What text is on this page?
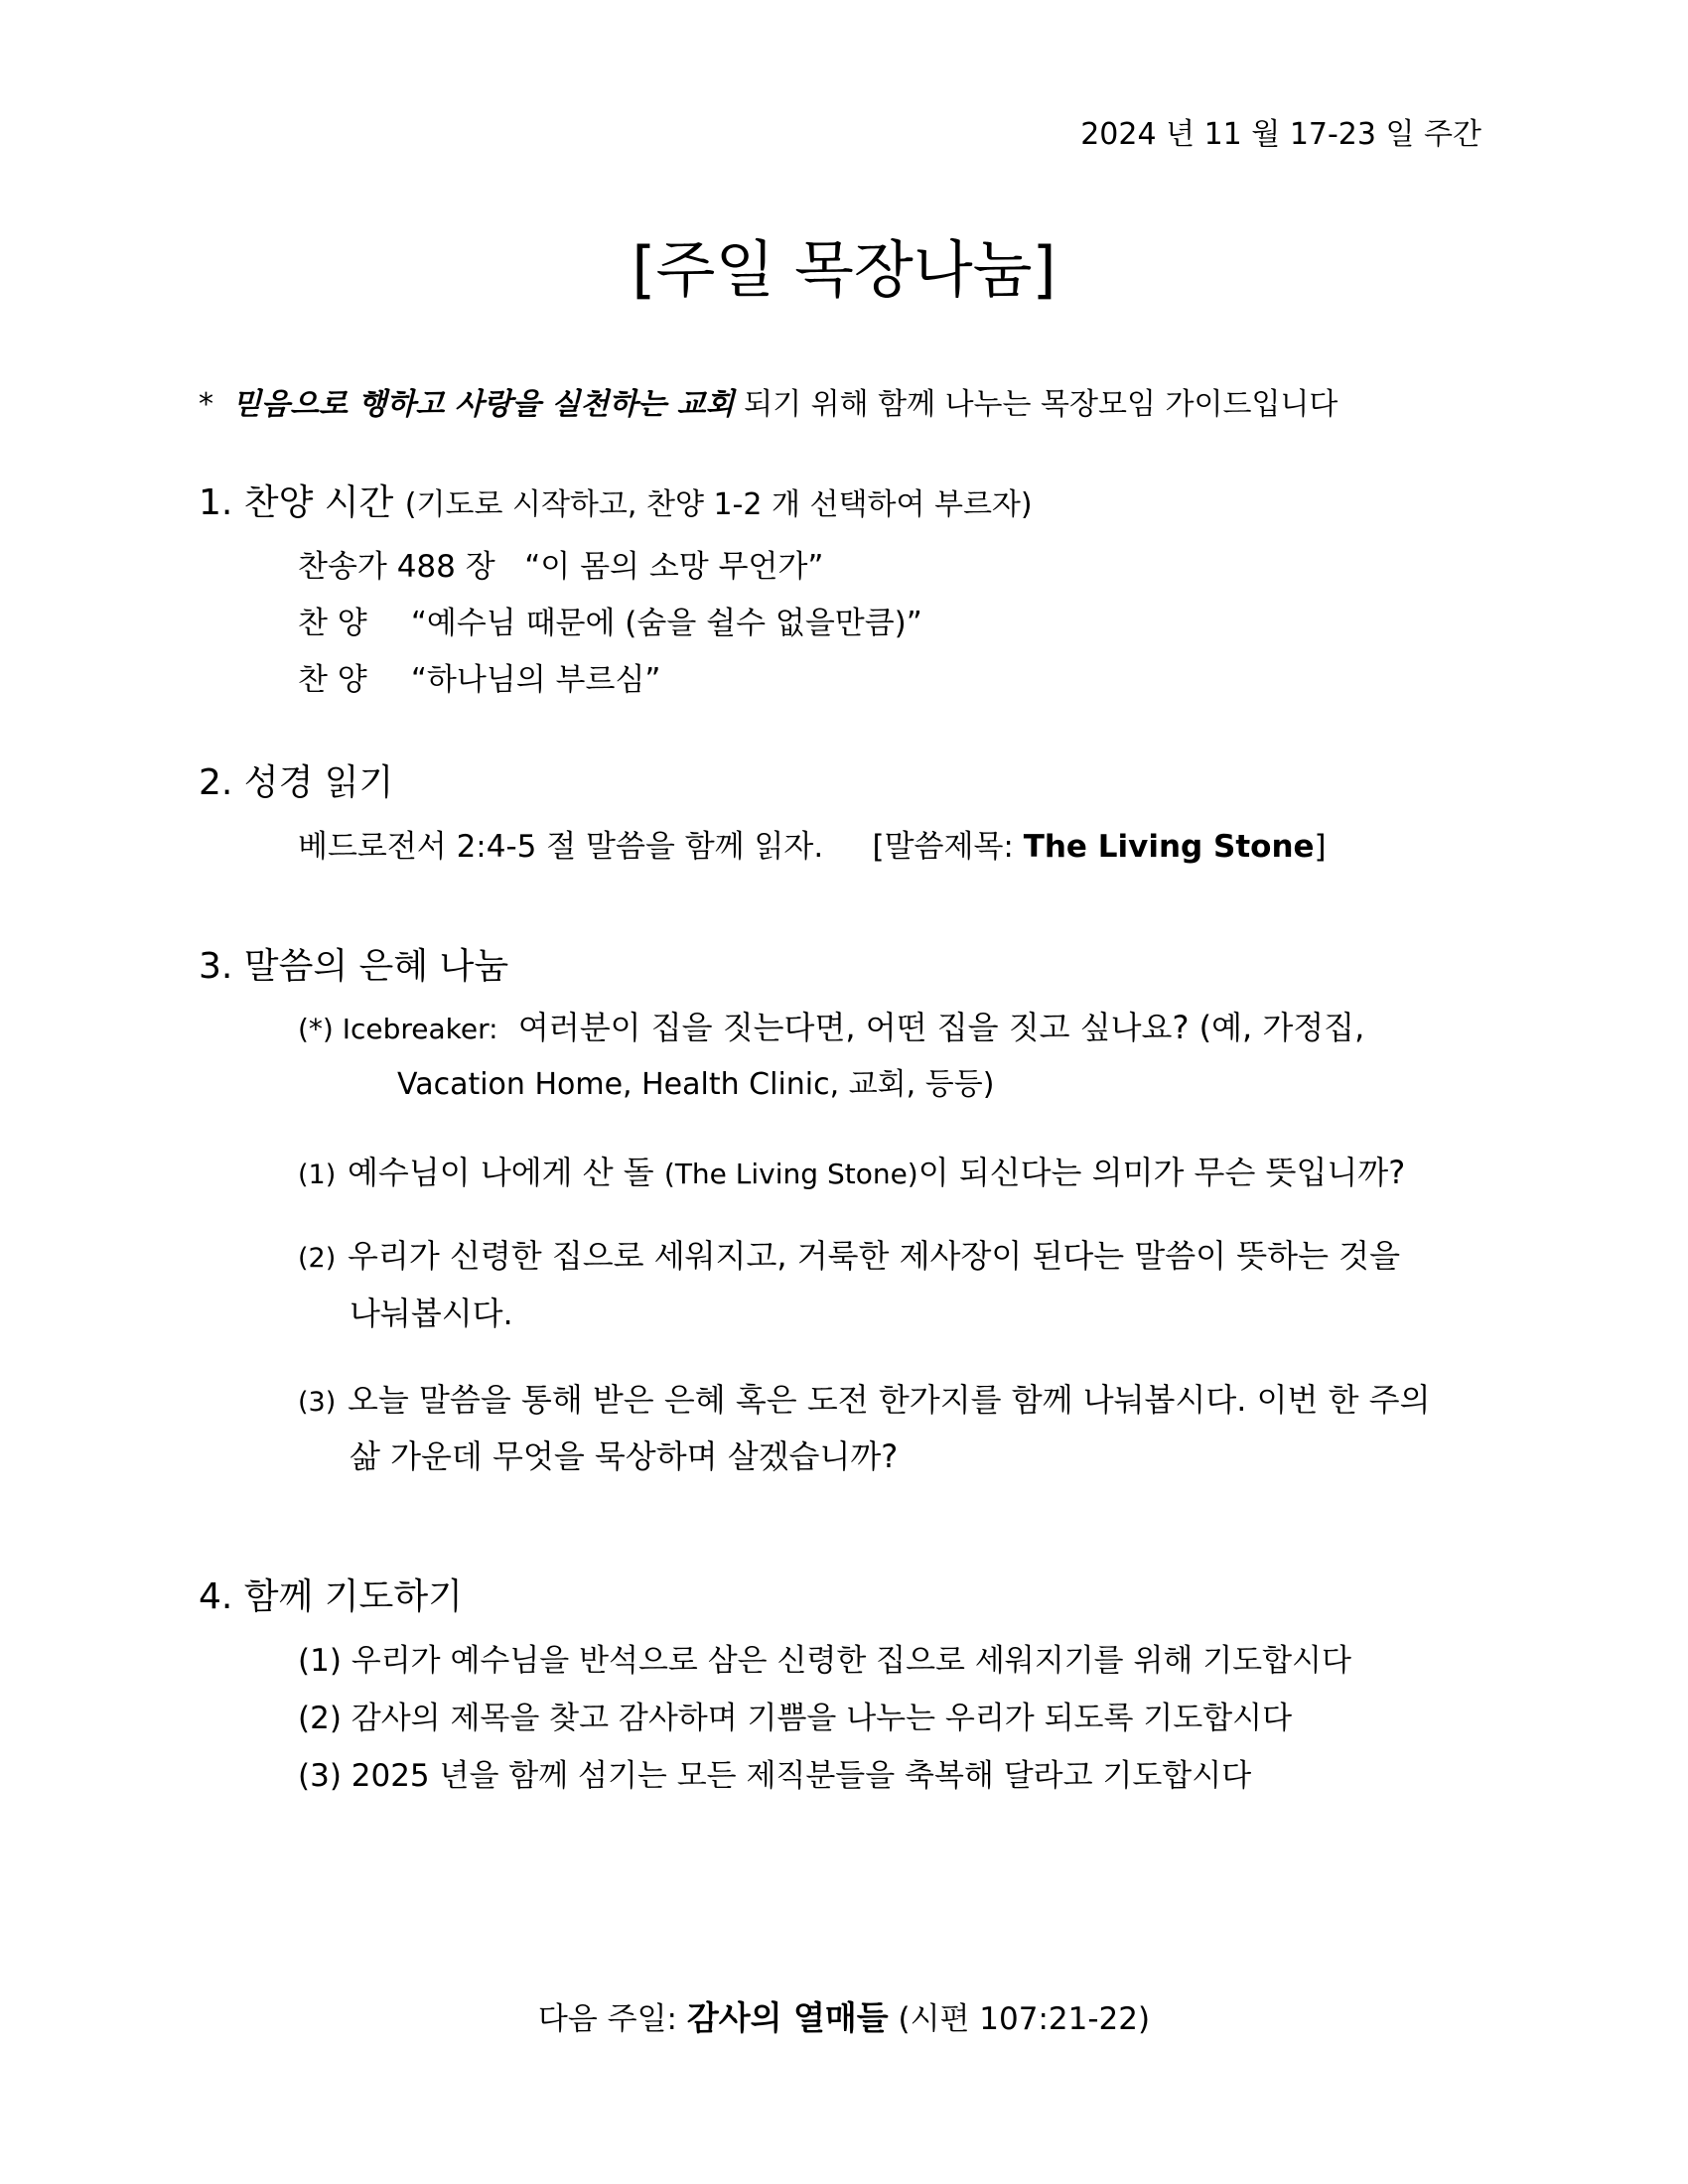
2024 년 11 월 17-23 일 주간
[주일 목장나눔]
* 믿음으로 행하고 사랑을 실천하는 교회 되기 위해 함께 나누는 목장모임 가이드입니다
1. 찬양 시간 (기도로 시작하고, 찬양 1-2 개 선택하여 부르자)
찬송가 488 장 “이 몸의 소망 무언가”
찬 양 “예수님 때문에 (숨을 쉴수 없을만큼)”
찬 양 “하나님의 부르심”
2. 성경 읽기
베드로전서 2:4-5 절 말씀을 함께 읽자. [말씀제목: The Living Stone]
3. 말씀의 은혜 나눔
(*) Icebreaker: 여러분이 집을 짓는다면, 어떤 집을 짓고 싶나요? (예, 가정집,
Vacation Home, Health Clinic, 교회, 등등)
(1) 예수님이 나에게 산 돌 (The Living Stone)이 되신다는 의미가 무슨 뜻입니까?
(2) 우리가 신령한 집으로 세워지고, 거룩한 제사장이 된다는 말씀이 뜻하는 것을
나눠봅시다.
(3) 오늘 말씀을 통해 받은 은혜 혹은 도전 한가지를 함께 나눠봅시다. 이번 한 주의
삶 가운데 무엇을 묵상하며 살겠습니까?
4. 함께 기도하기
(1) 우리가 예수님을 반석으로 삼은 신령한 집으로 세워지기를 위해 기도합시다
(2) 감사의 제목을 찾고 감사하며 기쁨을 나누는 우리가 되도록 기도합시다
(3) 2025 년을 함께 섬기는 모든 제직분들을 축복해 달라고 기도합시다
다음 주일: 감사의 열매들 (시편 107:21-22)
